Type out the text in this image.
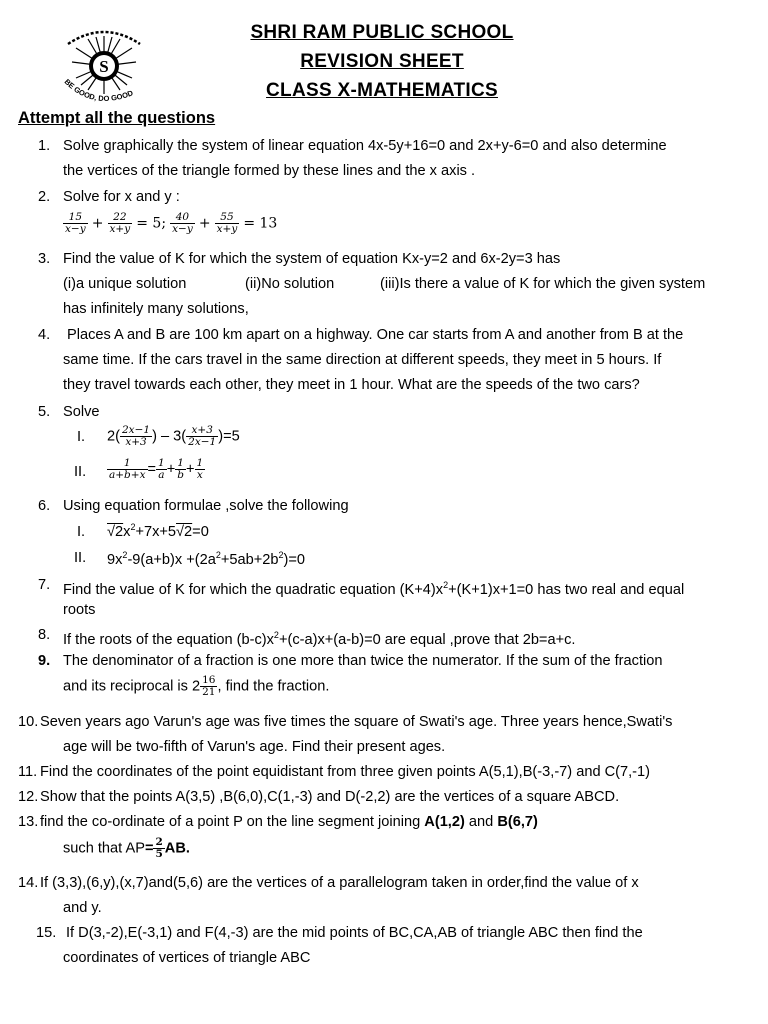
S
BE GOOD, DO GOOD
SHRI RAM PUBLIC SCHOOL
REVISION SHEET
CLASS X-MATHEMATICS
Attempt all the questions
1. Solve graphically the system of linear equation 4x-5y+16=0 and 2x+y-6=0 and also determine
the vertices of the triangle formed by these lines and the x axis .
2. Solve for x and y :
$\frac{15}{x-y} + \frac{22}{x+y} = 5$; $\frac{40}{x-y} + \frac{55}{x+y} = 13$
3. Find the value of K for which the system of equation Kx-y=2 and 6x-2y=3 has
(i)a unique solution	(ii)No solution	(iii)Is there a value of K for which the given system
has infinitely many solutions,
4. Places A and B are 100 km apart on a highway. One car starts from A and another from B at the
same time. If the cars travel in the same direction at different speeds, they meet in 5 hours. If
they travel towards each other, they meet in 1 hour. What are the speeds of the two cars?
5. Solve
I. $2( \frac{2x-1}{x+3}$ ) – $3( \frac{x+3}{2x-1} )=5$
II. $\frac{1}{a+b+x} = \frac{1}{a} + \frac{1}{b} + \frac{1}{x}$
6. Using equation formulae ,solve the following
I. $√2x^2+7x+5√2=0$
II. $9x^2-9(a+b)x +(2a^2+5ab+2b^2)=0$
7. Find the value of K for which the quadratic equation $(K+4)x^2+(K+1)x+1=0$ has two real and equal
roots
8. If the roots of the equation $(b-c)x^2+(c-a)x+(a-b)=0$ are equal ,prove that 2b=a+c.
9. The denominator of a fraction is one more than twice the numerator. If the sum of the fraction
and its reciprocal is $2 \frac{16}{21}$ , find the fraction.
10. Seven years ago Varun's age was five times the square of Swati's age. Three years hence,Swati's
age will be two-fifth of Varun's age. Find their present ages.
11. Find the coordinates of the point equidistant from three given points A(5,1),B(-3,-7) and C(7,-1)
12. Show that the points A(3,5) ,B(6,0),C(1,-3) and D(-2,2) are the vertices of a square ABCD.
13. find the co-ordinate of a point P on the line segment joining A(1,2) and B(6,7)
such that $AP= \frac{2}{5}$ AB.
14. If (3,3),(6,y),(x,7)and(5,6) are the vertices of a parallelogram taken in order,find the value of x
and y.
15. If D(3,-2),E(-3,1) and F(4,-3) are the mid points of BC,CA,AB of triangle ABC then find the
coordinates of vertices of triangle ABC
